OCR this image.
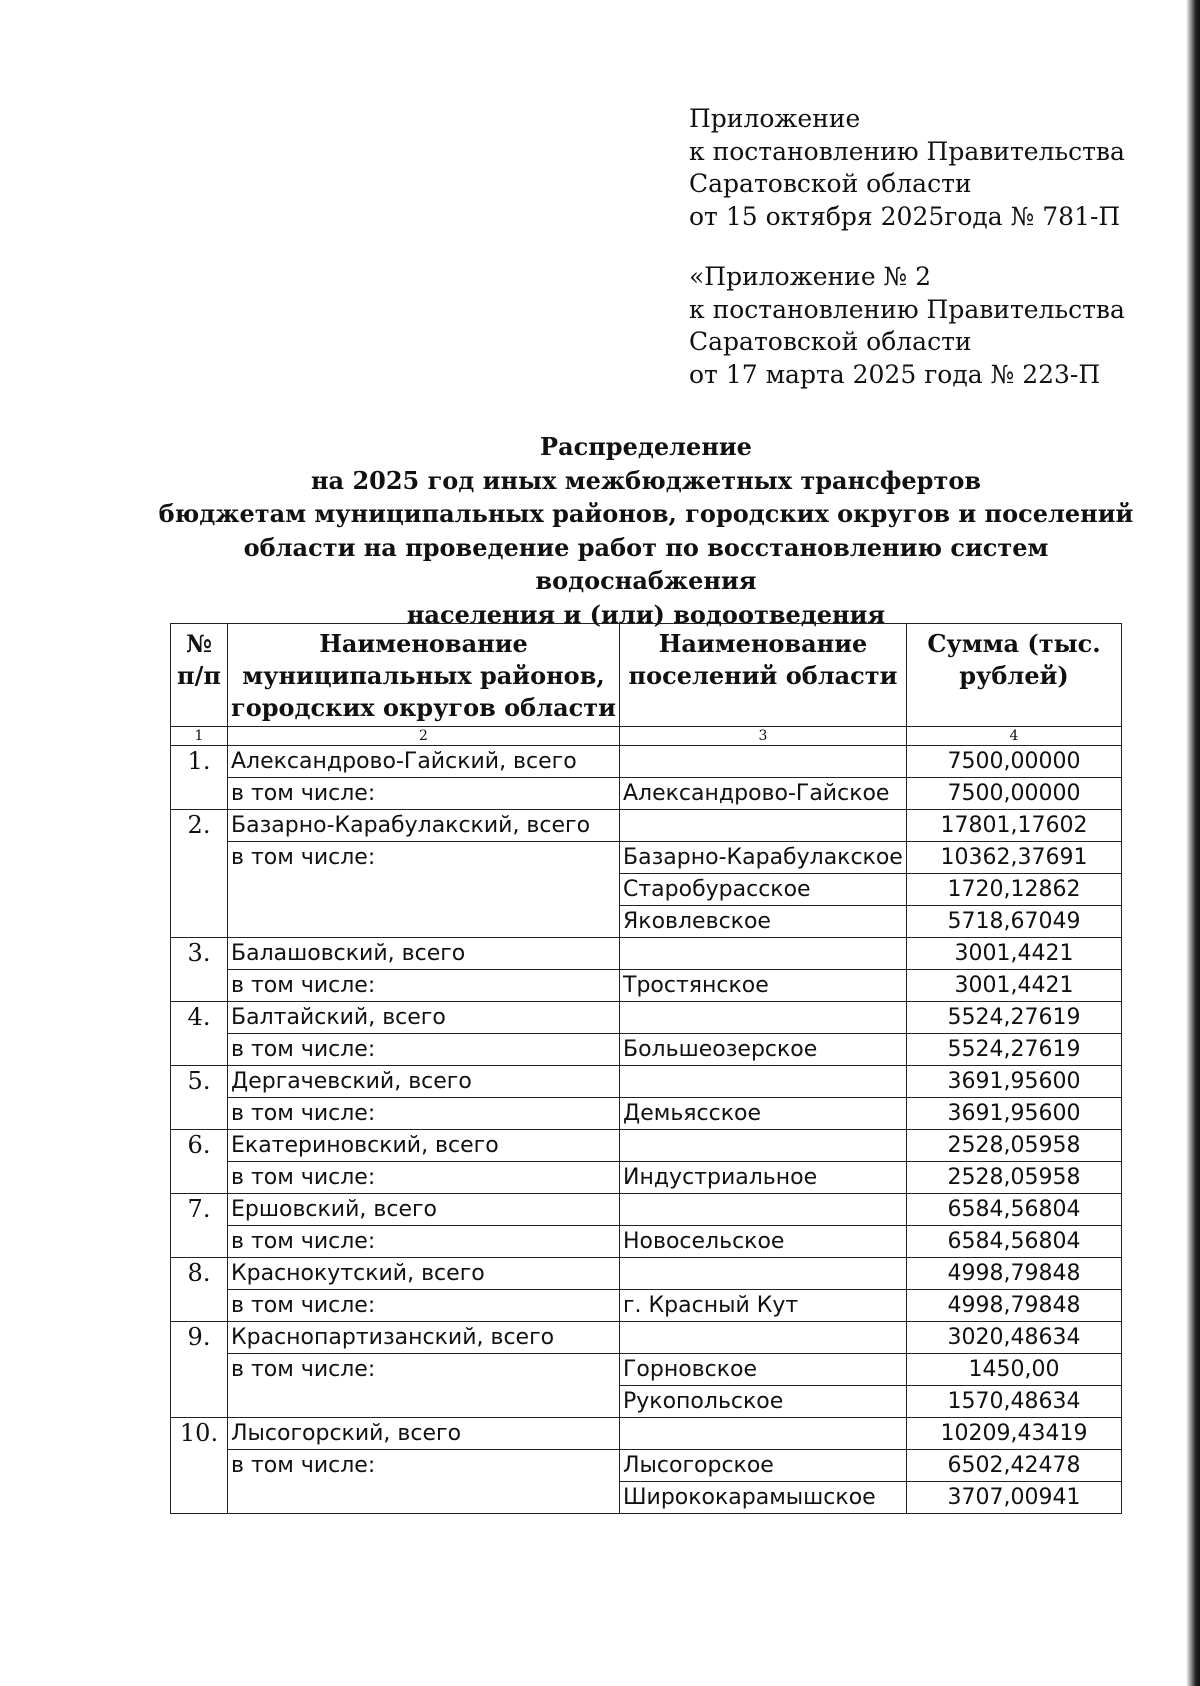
Приложение
к постановлению Правительства
Саратовской области
от 15 октября 2025года № 781-П
«Приложение № 2
к постановлению Правительства
Саратовской области
от 17 марта 2025 года № 223-П
Распределение
на 2025 год иных межбюджетных трансфертов
бюджетам муниципальных районов, городских округов и поселений
области на проведение работ по восстановлению систем водоснабжения
населения и (или) водоотведения
№ п/п	Наименование муниципальных районов, городских округов области	Наименование поселений области	Сумма (тыс. рублей)
1	2	3	4
1.	Александрово-Гайский, всего		7500,00000
	в том числе:	Александрово-Гайское	7500,00000
2.	Базарно-Карабулакский, всего		17801,17602
	в том числе:	Базарно-Карабулакское	10362,37691
		Старобурасское	1720,12862
		Яковлевское	5718,67049
3.	Балашовский, всего		3001,4421
	в том числе:	Тростянское	3001,4421
4.	Балтайский, всего		5524,27619
	в том числе:	Большеозерское	5524,27619
5.	Дергачевский, всего		3691,95600
	в том числе:	Демьясское	3691,95600
6.	Екатериновский, всего		2528,05958
	в том числе:	Индустриальное	2528,05958
7.	Ершовский, всего		6584,56804
	в том числе:	Новосельское	6584,56804
8.	Краснокутский, всего		4998,79848
	в том числе:	г. Красный Кут	4998,79848
9.	Краснопартизанский, всего		3020,48634
	в том числе:	Горновское	1450,00
		Рукопольское	1570,48634
10.	Лысогорский, всего		10209,43419
	в том числе:	Лысогорское	6502,42478
		Ширококарамышское	3707,00941
